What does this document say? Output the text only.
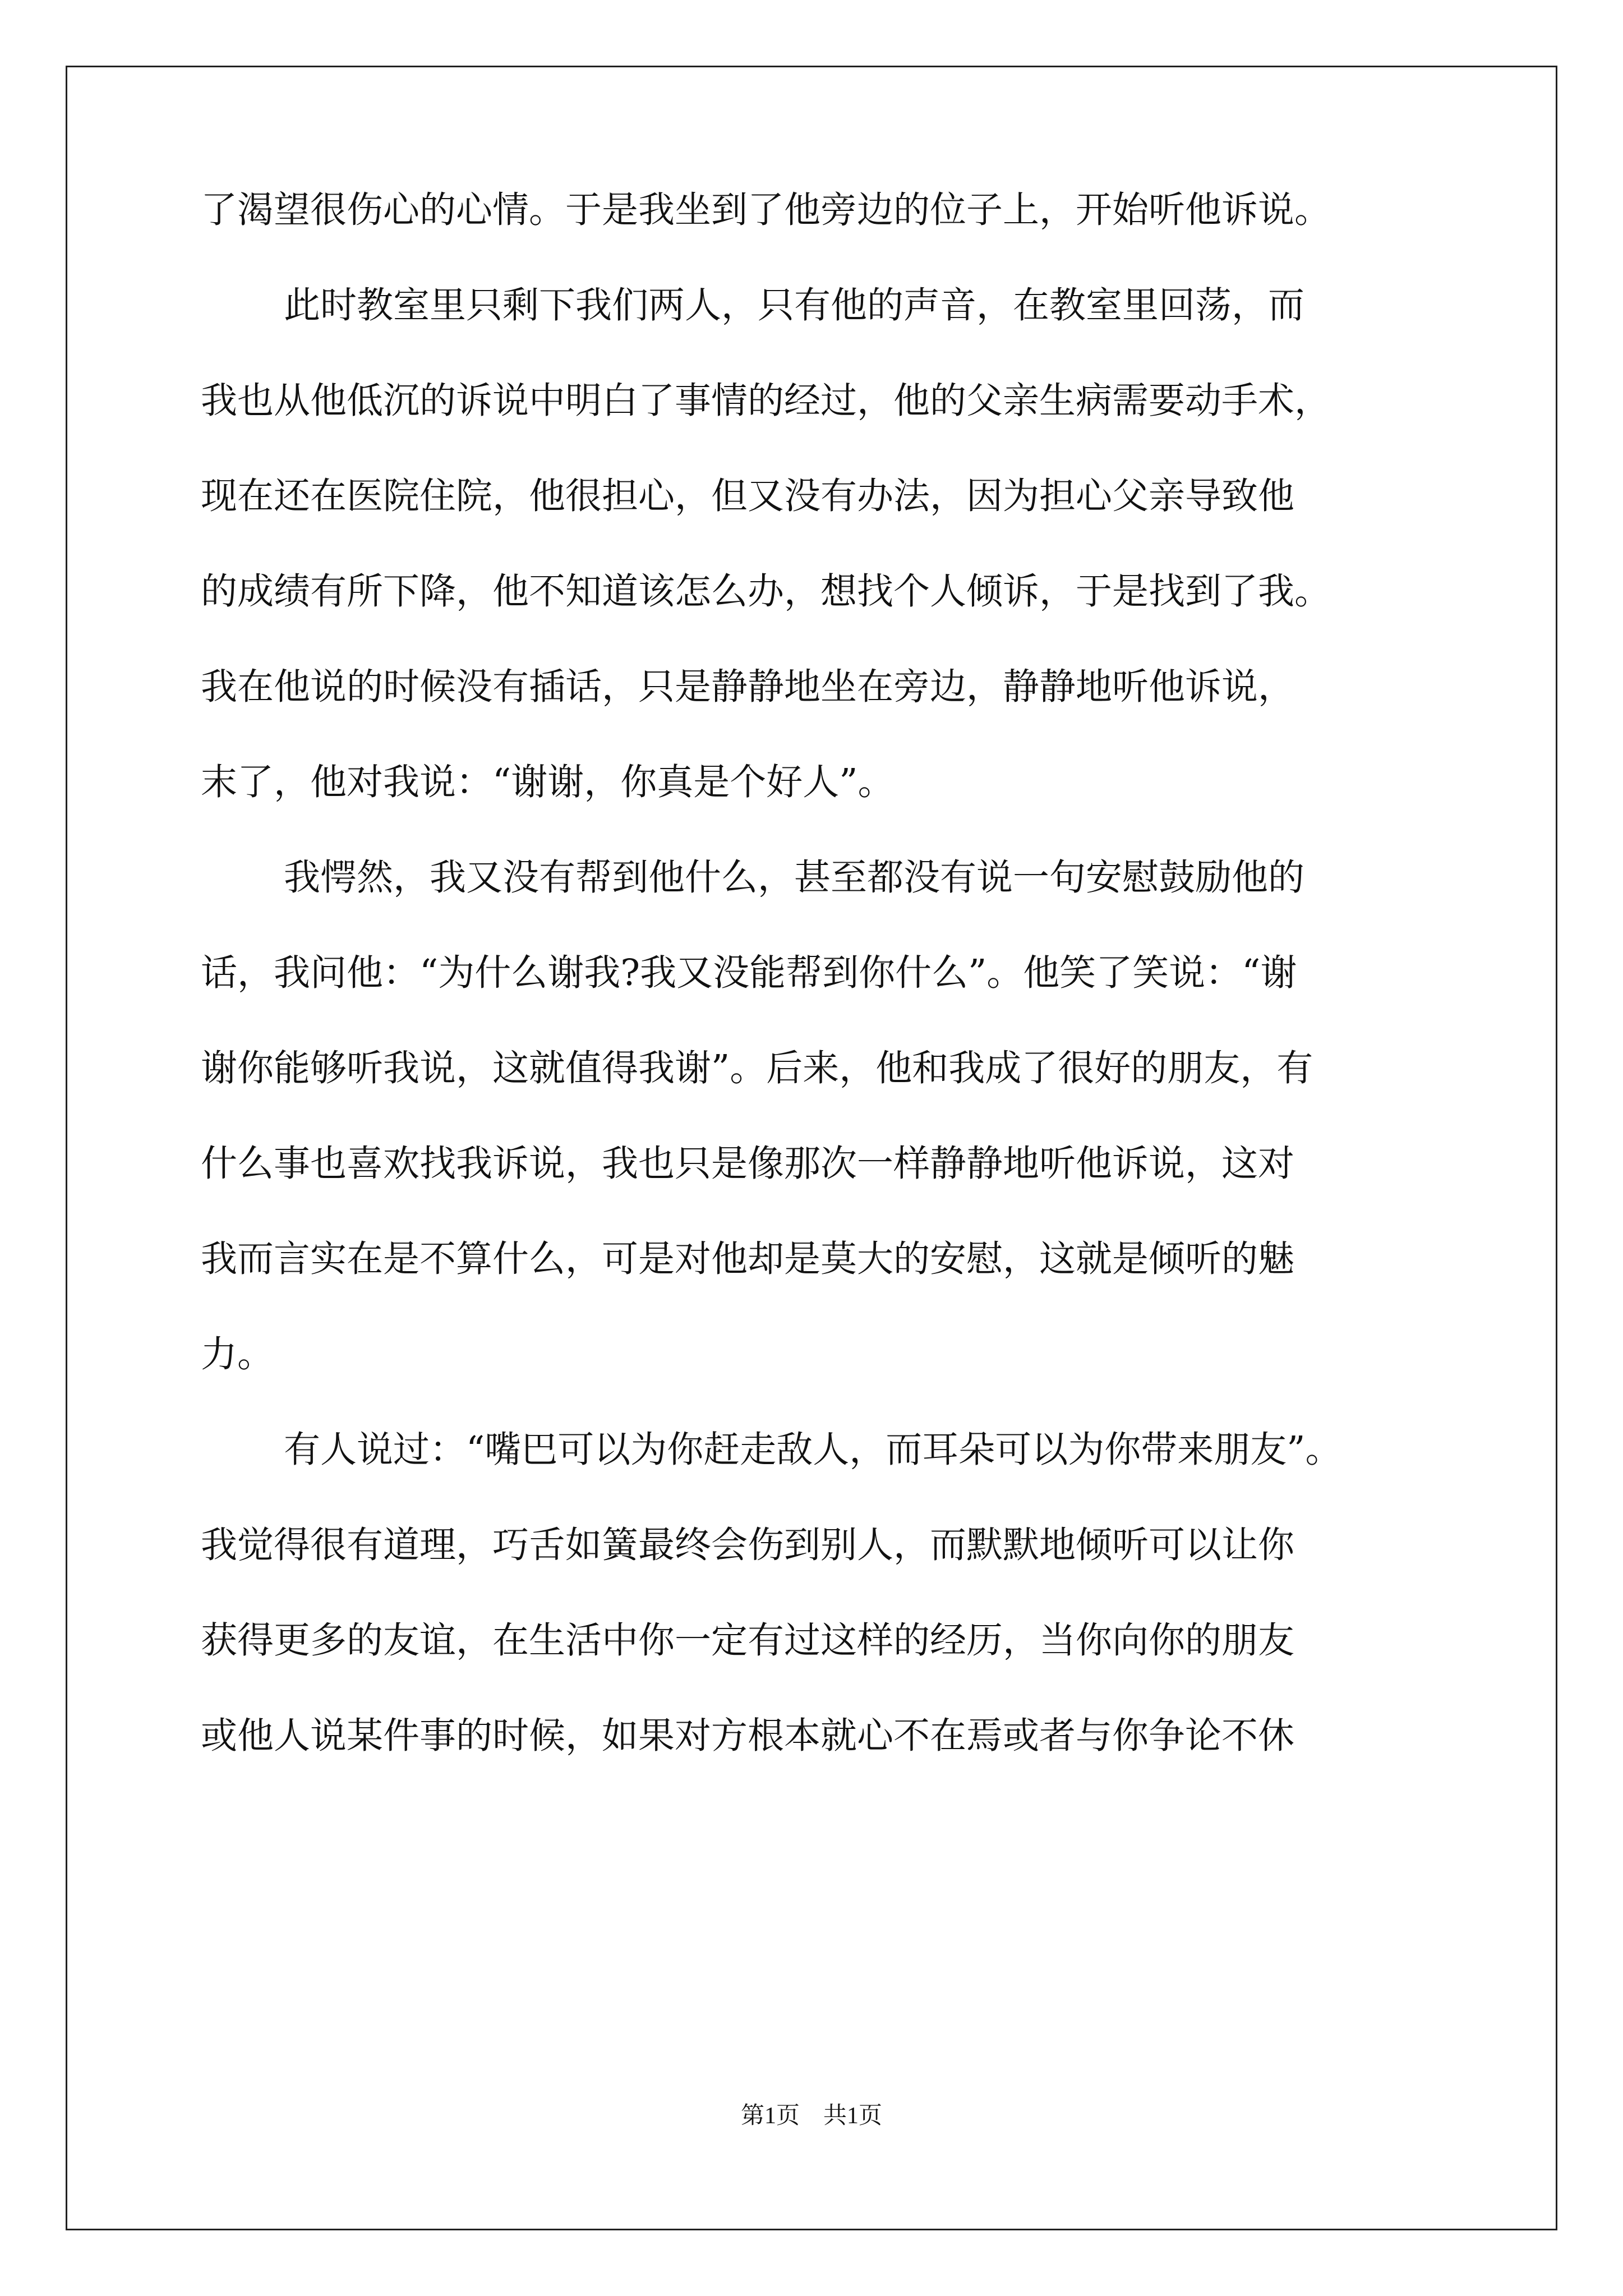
了渴望很伤心的心情。于是我坐到了他旁边的位子上，开始听他诉说。
此时教室里只剩下我们两人，只有他的声音，在教室里回荡，而
我也从他低沉的诉说中明白了事情的经过，他的父亲生病需要动手术，
现在还在医院住院，他很担心，但又没有办法，因为担心父亲导致他
的成绩有所下降，他不知道该怎么办，想找个人倾诉，于是找到了我。
我在他说的时候没有插话，只是静静地坐在旁边，静静地听他诉说，
末了，他对我说：“谢谢，你真是个好人”。
我愕然，我又没有帮到他什么，甚至都没有说一句安慰鼓励他的
话，我问他：“为什么谢我?我又没能帮到你什么”。他笑了笑说：“谢
谢你能够听我说，这就值得我谢”。后来，他和我成了很好的朋友，有
什么事也喜欢找我诉说，我也只是像那次一样静静地听他诉说，这对
我而言实在是不算什么，可是对他却是莫大的安慰，这就是倾听的魅
力。
有人说过：“嘴巴可以为你赶走敌人，而耳朵可以为你带来朋友”。
我觉得很有道理，巧舌如簧最终会伤到别人，而默默地倾听可以让你
获得更多的友谊，在生活中你一定有过这样的经历，当你向你的朋友
或他人说某件事的时候，如果对方根本就心不在焉或者与你争论不休
第1页 共1页
